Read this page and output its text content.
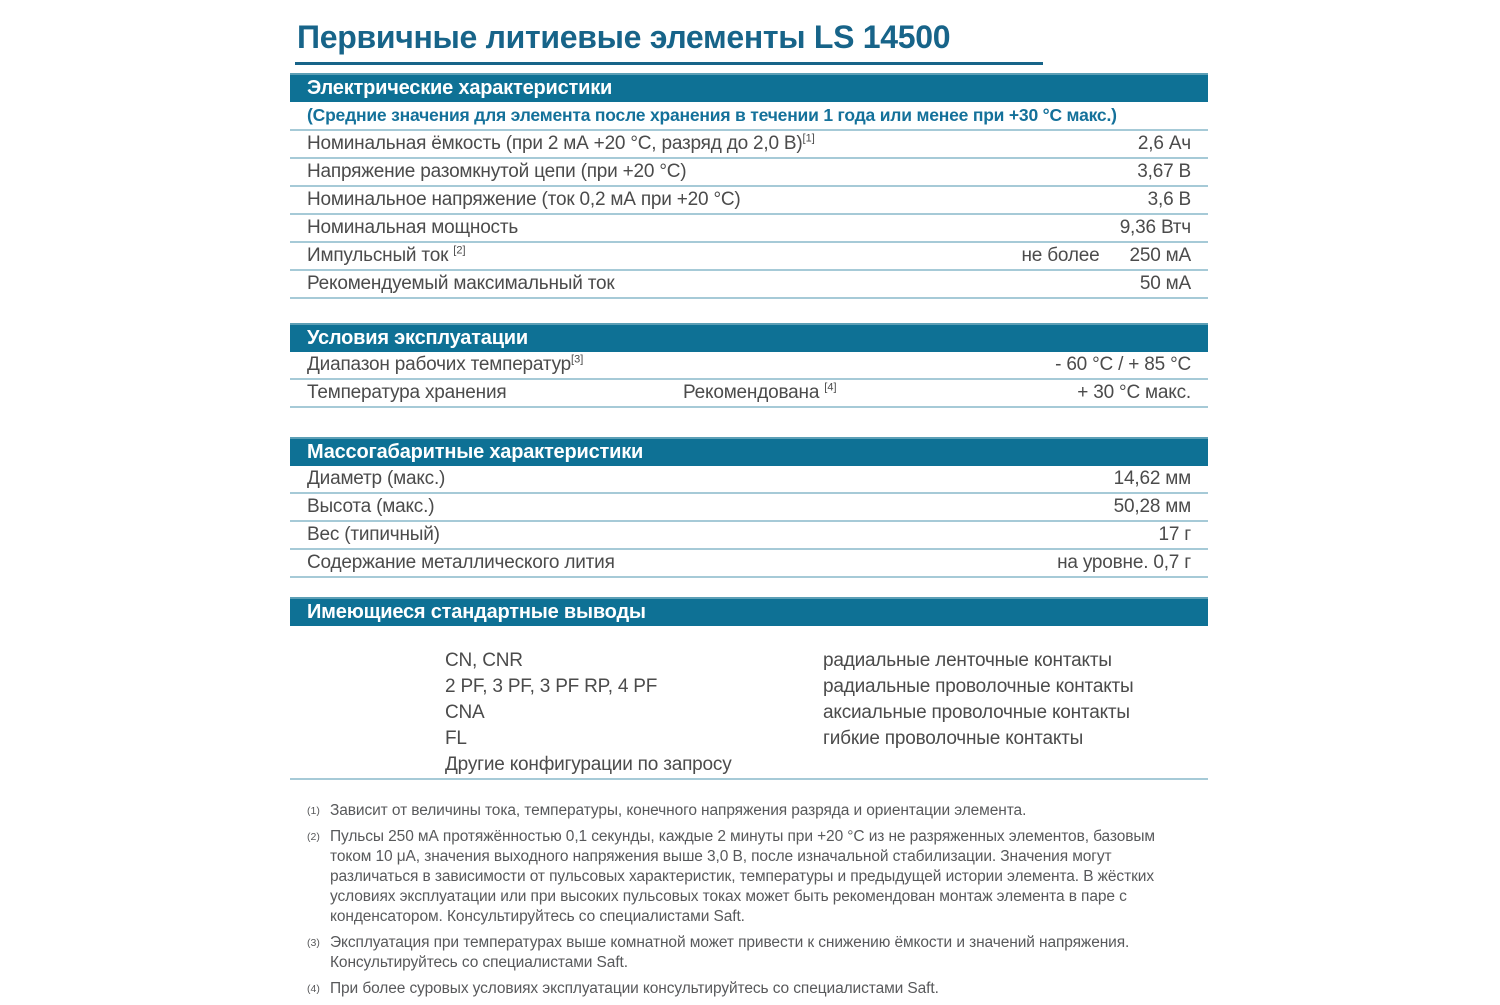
Первичные литиевые элементы LS 14500
Электрические характеристики
(Средние значения для элемента после хранения в течении 1 года или менее при +30 °C макс.)
Номинальная ёмкость (при 2 мА +20 °C, разряд до 2,0 В)[1]	2,6 Ач
Напряжение разомкнутой цепи (при +20 °C)	3,67 В
Номинальное напряжение (ток 0,2 мА при +20 °C)	3,6 В
Номинальная мощность	9,36 Втч
Импульсный ток [2]	не более 250 мА
Рекомендуемый максимальный ток	50 мА
Условия эксплуатации
Диапазон рабочих температур[3]	- 60 °C / + 85 °C
Температура хранения	Рекомендована [4]	+ 30 °C макс.
Массогабаритные характеристики
Диаметр (макс.)	14,62 мм
Высота (макс.)	50,28 мм
Вес (типичный)	17 г
Содержание металлического лития	на уровне. 0,7 г
Имеющиеся стандартные выводы
CN, CNR	радиальные ленточные контакты
2 PF, 3 PF, 3 PF RP, 4 PF	радиальные проволочные контакты
CNA	аксиальные проволочные контакты
FL	гибкие проволочные контакты
Другие конфигурации по запросу
(1) Зависит от величины тока, температуры, конечного напряжения разряда и ориентации элемента.
(2) Пульсы 250 мА протяжённостью 0,1 секунды, каждые 2 минуты при +20 °C из не разряженных элементов, базовым током 10 μА, значения выходного напряжения выше 3,0 В, после изначальной стабилизации. Значения могут различаться в зависимости от пульсовых характеристик, температуры и предыдущей истории элемента. В жёстких условиях эксплуатации или при высоких пульсовых токах может быть рекомендован монтаж элемента в паре с конденсатором. Консультируйтесь со специалистами Saft.
(3) Эксплуатация при температурах выше комнатной может привести к снижению ёмкости и значений напряжения. Консультируйтесь со специалистами Saft.
(4) При более суровых условиях эксплуатации консультируйтесь со специалистами Saft.
